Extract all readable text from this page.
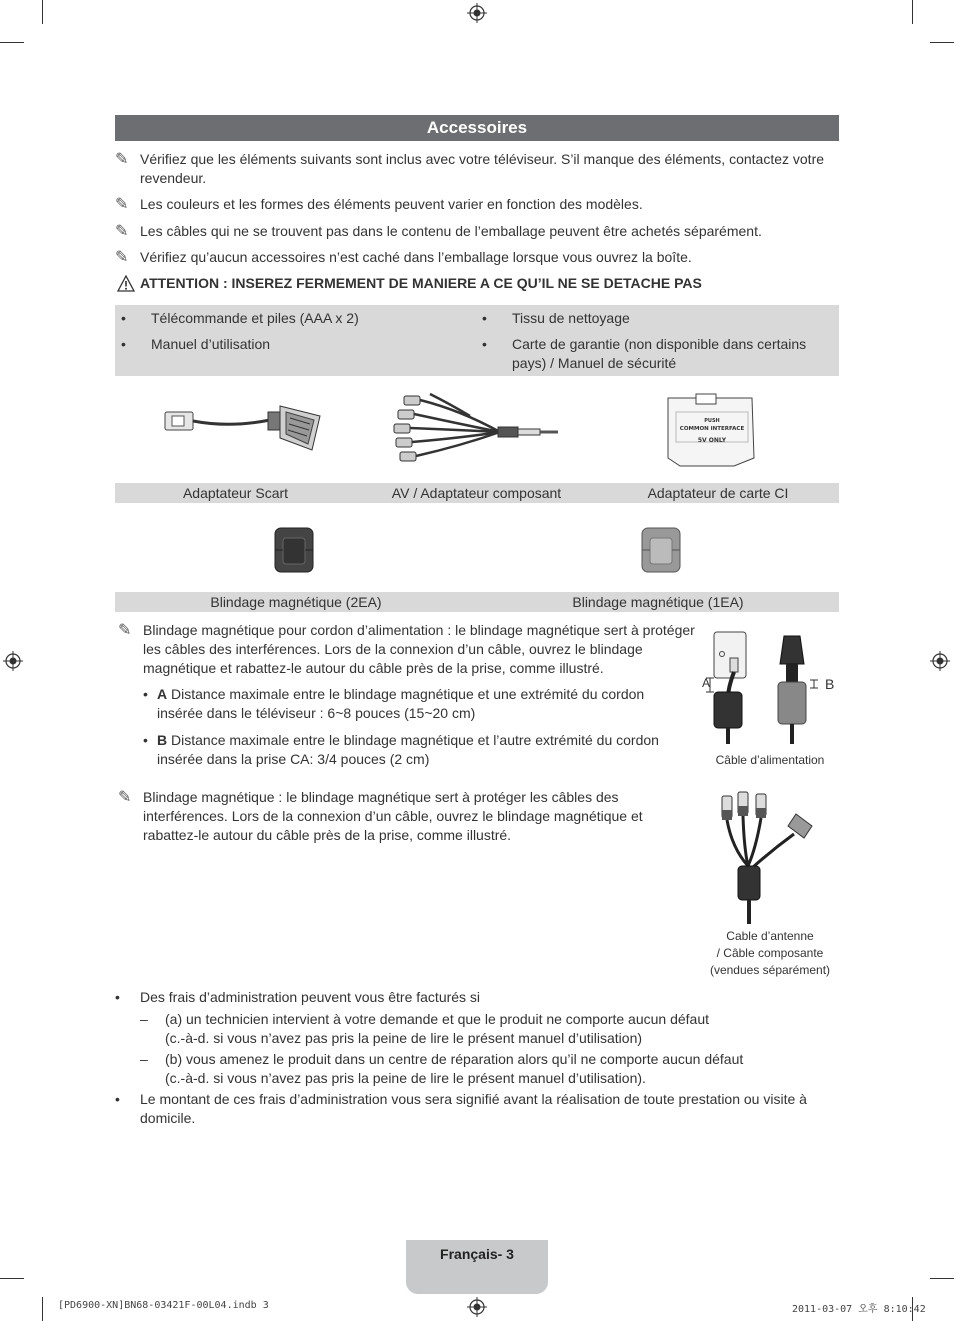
Accessoires
✎ Vérifiez que les éléments suivants sont inclus avec votre téléviseur. S’il manque des éléments, contactez votre revendeur.
✎ Les couleurs et les formes des éléments peuvent varier en fonction des modèles.
✎ Les câbles qui ne se trouvent pas dans le contenu de l’emballage peuvent être achetés séparément.
✎ Vérifiez qu’aucun accessoires n’est caché dans l’emballage lorsque vous ouvrez la boîte.
ATTENTION : INSEREZ FERMEMENT DE MANIERE A CE QU’IL NE SE DETACHE PAS
• Télécommande et piles (AAA x 2)
• Manuel d’utilisation
• Tissu de nettoyage
• Carte de garantie (non disponible dans certains pays) / Manuel de sécurité
PUSH
COMMON INTERFACE
5V ONLY
Adaptateur Scart	AV / Adaptateur composant	Adaptateur de carte CI
Blindage magnétique (2EA)	Blindage magnétique (1EA)
✎ Blindage magnétique pour cordon d’alimentation : le blindage magnétique sert à protéger les câbles des interférences. Lors de la connexion d’un câble, ouvrez le blindage magnétique et rabattez-le autour du câble près de la prise, comme illustré.
• A Distance maximale entre le blindage magnétique et une extrémité du cordon insérée dans le téléviseur : 6~8 pouces (15~20 cm)
• B Distance maximale entre le blindage magnétique et l’autre extrémité du cordon insérée dans la prise CA: 3/4 pouces (2 cm)
A	B
Câble d’alimentation
✎ Blindage magnétique : le blindage magnétique sert à protéger les câbles des interférences. Lors de la connexion d’un câble, ouvrez le blindage magnétique et rabattez-le autour du câble près de la prise, comme illustré.
Cable d’antenne
/ Câble composante
(vendues séparément)
• Des frais d’administration peuvent vous être facturés si
– (a) un technicien intervient à votre demande et que le produit ne comporte aucun défaut
(c.-à-d. si vous n’avez pas pris la peine de lire le présent manuel d’utilisation)
– (b) vous amenez le produit dans un centre de réparation alors qu’il ne comporte aucun défaut
(c.-à-d. si vous n’avez pas pris la peine de lire le présent manuel d’utilisation).
• Le montant de ces frais d’administration vous sera signifié avant la réalisation de toute prestation ou visite à domicile.
Français- 3
[PD6900-XN]BN68-03421F-00L04.indb 3	2011-03-07 오후 8:10:42
